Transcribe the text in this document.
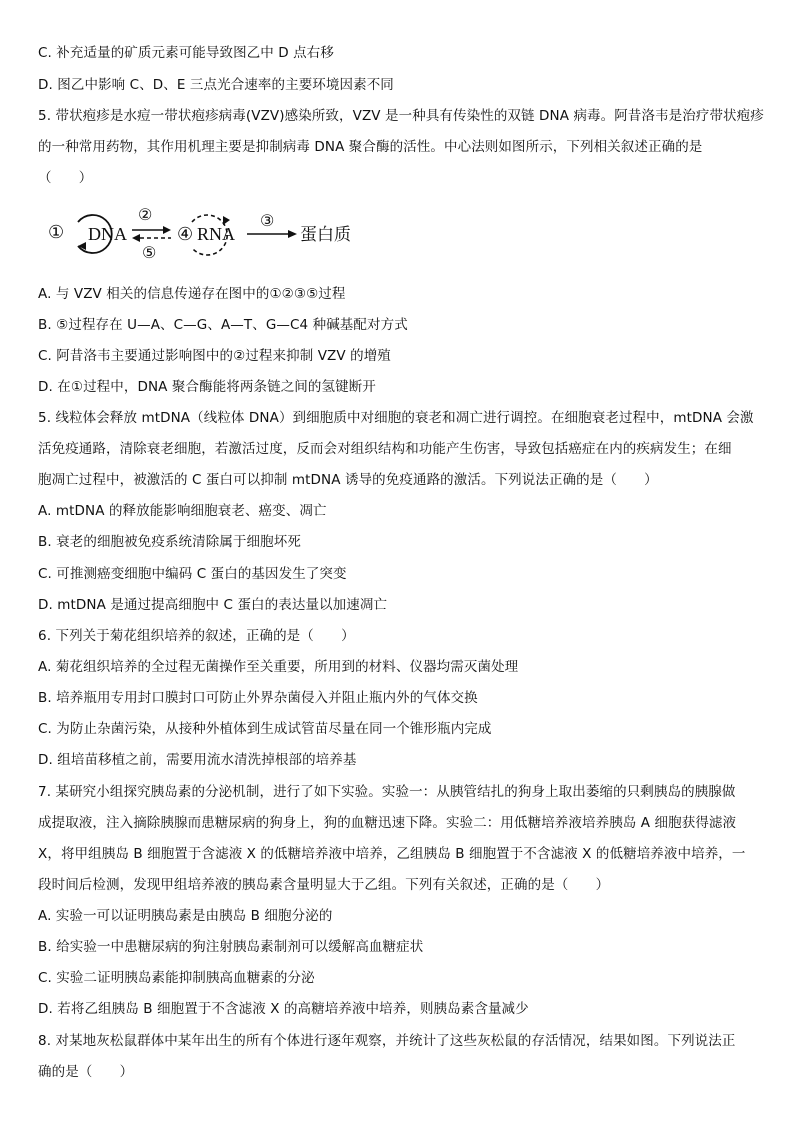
C. 补充适量的矿质元素可能导致图乙中 D 点右移
D. 图乙中影响 C、D、E 三点光合速率的主要环境因素不同
5. 带状疱疹是水痘一带状疱疹病毒(VZV)感染所致，VZV 是一种具有传染性的双链 DNA 病毒。阿昔洛韦是治疗带状疱疹
的一种常用药物，其作用机理主要是抑制病毒 DNA 聚合酶的活性。中心法则如图所示，下列相关叙述正确的是
（　　）
① DNA
②
⑤
④ RNA
③
蛋白质
A. 与 VZV 相关的信息传递存在图中的①②③⑤过程
B. ⑤过程存在 U—A、C—G、A—T、G—C4 种碱基配对方式
C. 阿昔洛韦主要通过影响图中的②过程来抑制 VZV 的增殖
D. 在①过程中，DNA 聚合酶能将两条链之间的氢键断开
5. 线粒体会释放 mtDNA（线粒体 DNA）到细胞质中对细胞的衰老和凋亡进行调控。在细胞衰老过程中，mtDNA 会激
活免疫通路，清除衰老细胞，若激活过度，反而会对组织结构和功能产生伤害，导致包括癌症在内的疾病发生；在细
胞凋亡过程中，被激活的 C 蛋白可以抑制 mtDNA 诱导的免疫通路的激活。下列说法正确的是（　　）
A. mtDNA 的释放能影响细胞衰老、癌变、凋亡
B. 衰老的细胞被免疫系统清除属于细胞坏死
C. 可推测癌变细胞中编码 C 蛋白的基因发生了突变
D. mtDNA 是通过提高细胞中 C 蛋白的表达量以加速凋亡
6. 下列关于菊花组织培养的叙述，正确的是（　　）
A. 菊花组织培养的全过程无菌操作至关重要，所用到的材料、仪器均需灭菌处理
B. 培养瓶用专用封口膜封口可防止外界杂菌侵入并阻止瓶内外的气体交换
C. 为防止杂菌污染，从接种外植体到生成试管苗尽量在同一个锥形瓶内完成
D. 组培苗移植之前，需要用流水清洗掉根部的培养基
7. 某研究小组探究胰岛素的分泌机制，进行了如下实验。实验一：从胰管结扎的狗身上取出萎缩的只剩胰岛的胰腺做
成提取液，注入摘除胰腺而患糖尿病的狗身上，狗的血糖迅速下降。实验二：用低糖培养液培养胰岛 A 细胞获得滤液
X，将甲组胰岛 B 细胞置于含滤液 X 的低糖培养液中培养，乙组胰岛 B 细胞置于不含滤液 X 的低糖培养液中培养，一
段时间后检测，发现甲组培养液的胰岛素含量明显大于乙组。下列有关叙述，正确的是（　　）
A. 实验一可以证明胰岛素是由胰岛 B 细胞分泌的
B. 给实验一中患糖尿病的狗注射胰岛素制剂可以缓解高血糖症状
C. 实验二证明胰岛素能抑制胰高血糖素的分泌
D. 若将乙组胰岛 B 细胞置于不含滤液 X 的高糖培养液中培养，则胰岛素含量减少
8. 对某地灰松鼠群体中某年出生的所有个体进行逐年观察，并统计了这些灰松鼠的存活情况，结果如图。下列说法正
确的是（　　）
